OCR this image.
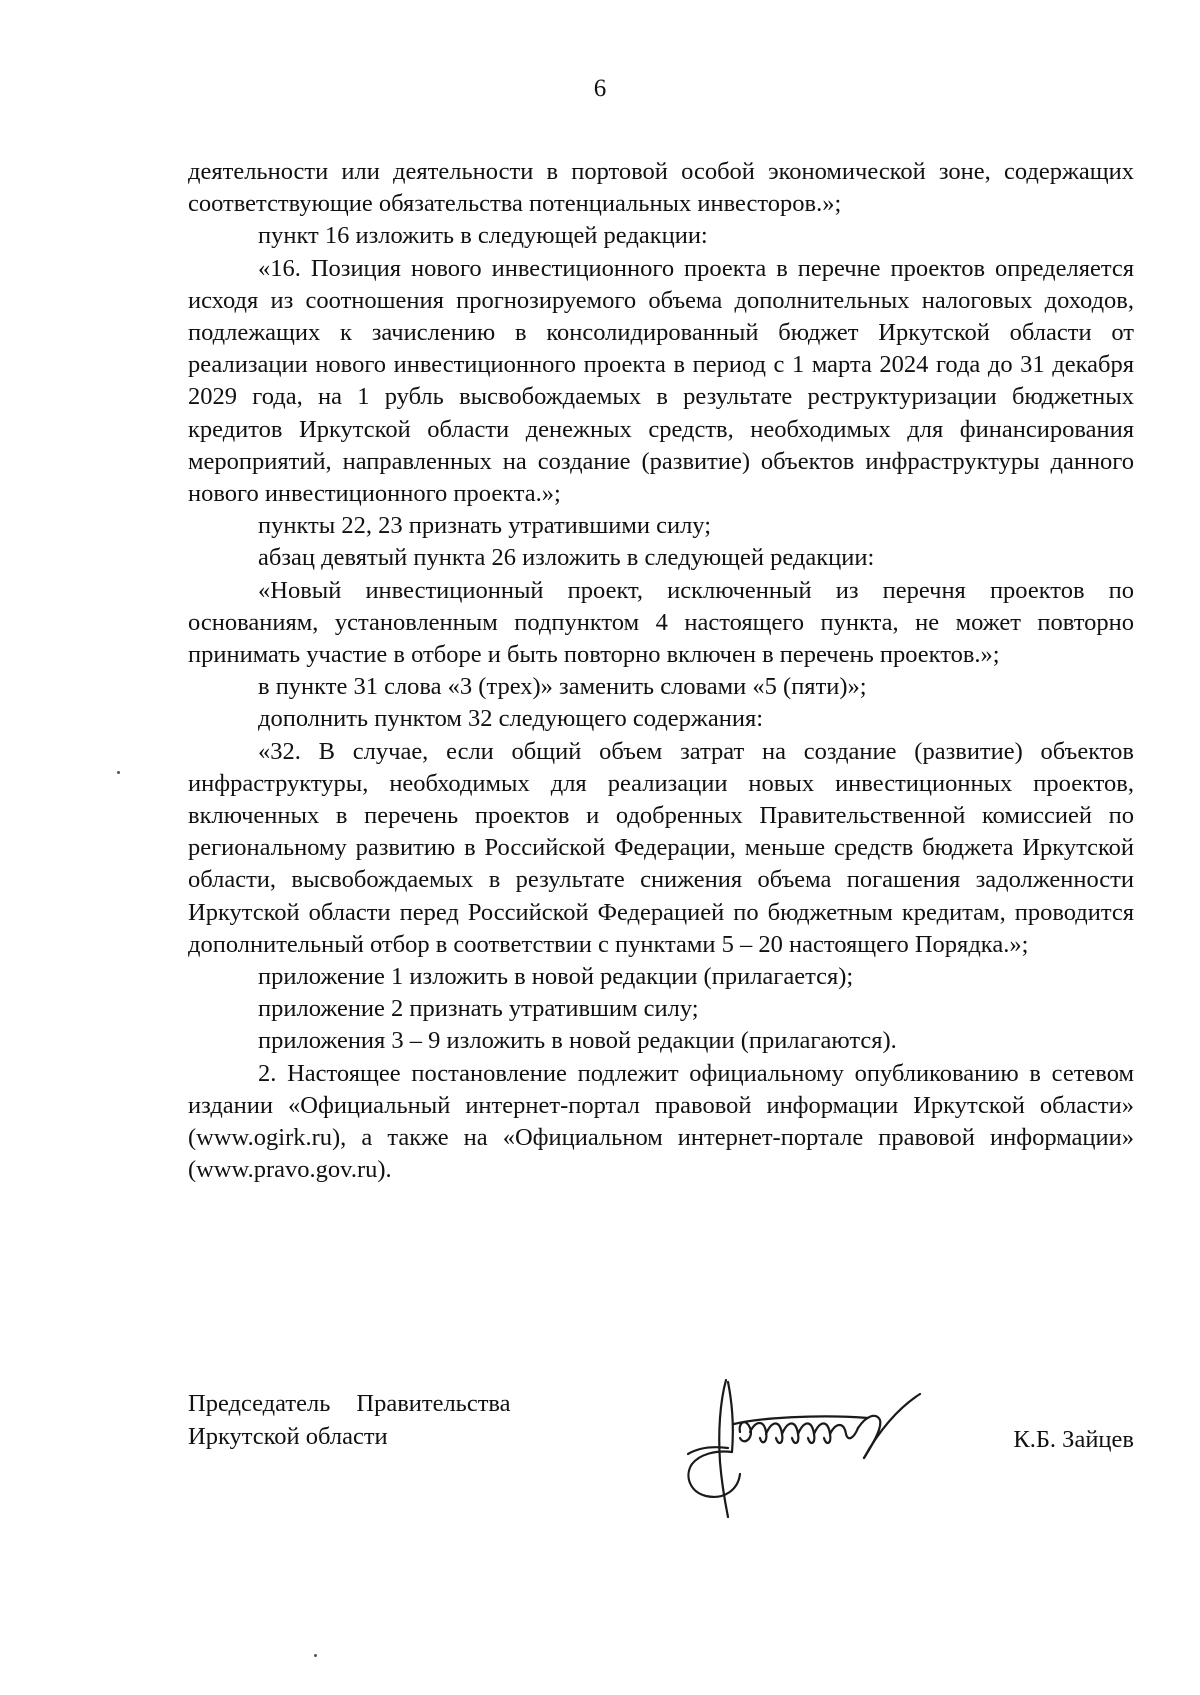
6

деятельности или деятельности в портовой особой экономической зоне, содержащих соответствующие обязательства потенциальных инвесторов.»;

пункт 16 изложить в следующей редакции:

«16. Позиция нового инвестиционного проекта в перечне проектов определяется исходя из соотношения прогнозируемого объема дополнительных налоговых доходов, подлежащих к зачислению в консолидированный бюджет Иркутской области от реализации нового инвестиционного проекта в период с 1 марта 2024 года до 31 декабря 2029 года, на 1 рубль высвобождаемых в результате реструктуризации бюджетных кредитов Иркутской области денежных средств, необходимых для финансирования мероприятий, направленных на создание (развитие) объектов инфраструктуры данного нового инвестиционного проекта.»;

пункты 22, 23 признать утратившими силу;

абзац девятый пункта 26 изложить в следующей редакции:

«Новый инвестиционный проект, исключенный из перечня проектов по основаниям, установленным подпунктом 4 настоящего пункта, не может повторно принимать участие в отборе и быть повторно включен в перечень проектов.»;

в пункте 31 слова «3 (трех)» заменить словами «5 (пяти)»;

дополнить пунктом 32 следующего содержания:

«32. В случае, если общий объем затрат на создание (развитие) объектов инфраструктуры, необходимых для реализации новых инвестиционных проектов, включенных в перечень проектов и одобренных Правительственной комиссией по региональному развитию в Российской Федерации, меньше средств бюджета Иркутской области, высвобождаемых в результате снижения объема погашения задолженности Иркутской области перед Российской Федерацией по бюджетным кредитам, проводится дополнительный отбор в соответствии с пунктами 5 – 20 настоящего Порядка.»;

приложение 1 изложить в новой редакции (прилагается);

приложение 2 признать утратившим силу;

приложения 3 – 9 изложить в новой редакции (прилагаются).

2. Настоящее постановление подлежит официальному опубликованию в сетевом издании «Официальный интернет-портал правовой информации Иркутской области» (www.ogirk.ru), а также на «Официальном интернет-портале правовой информации» (www.pravo.gov.ru).

Председатель Правительства
Иркутской области	К.Б. Зайцев
